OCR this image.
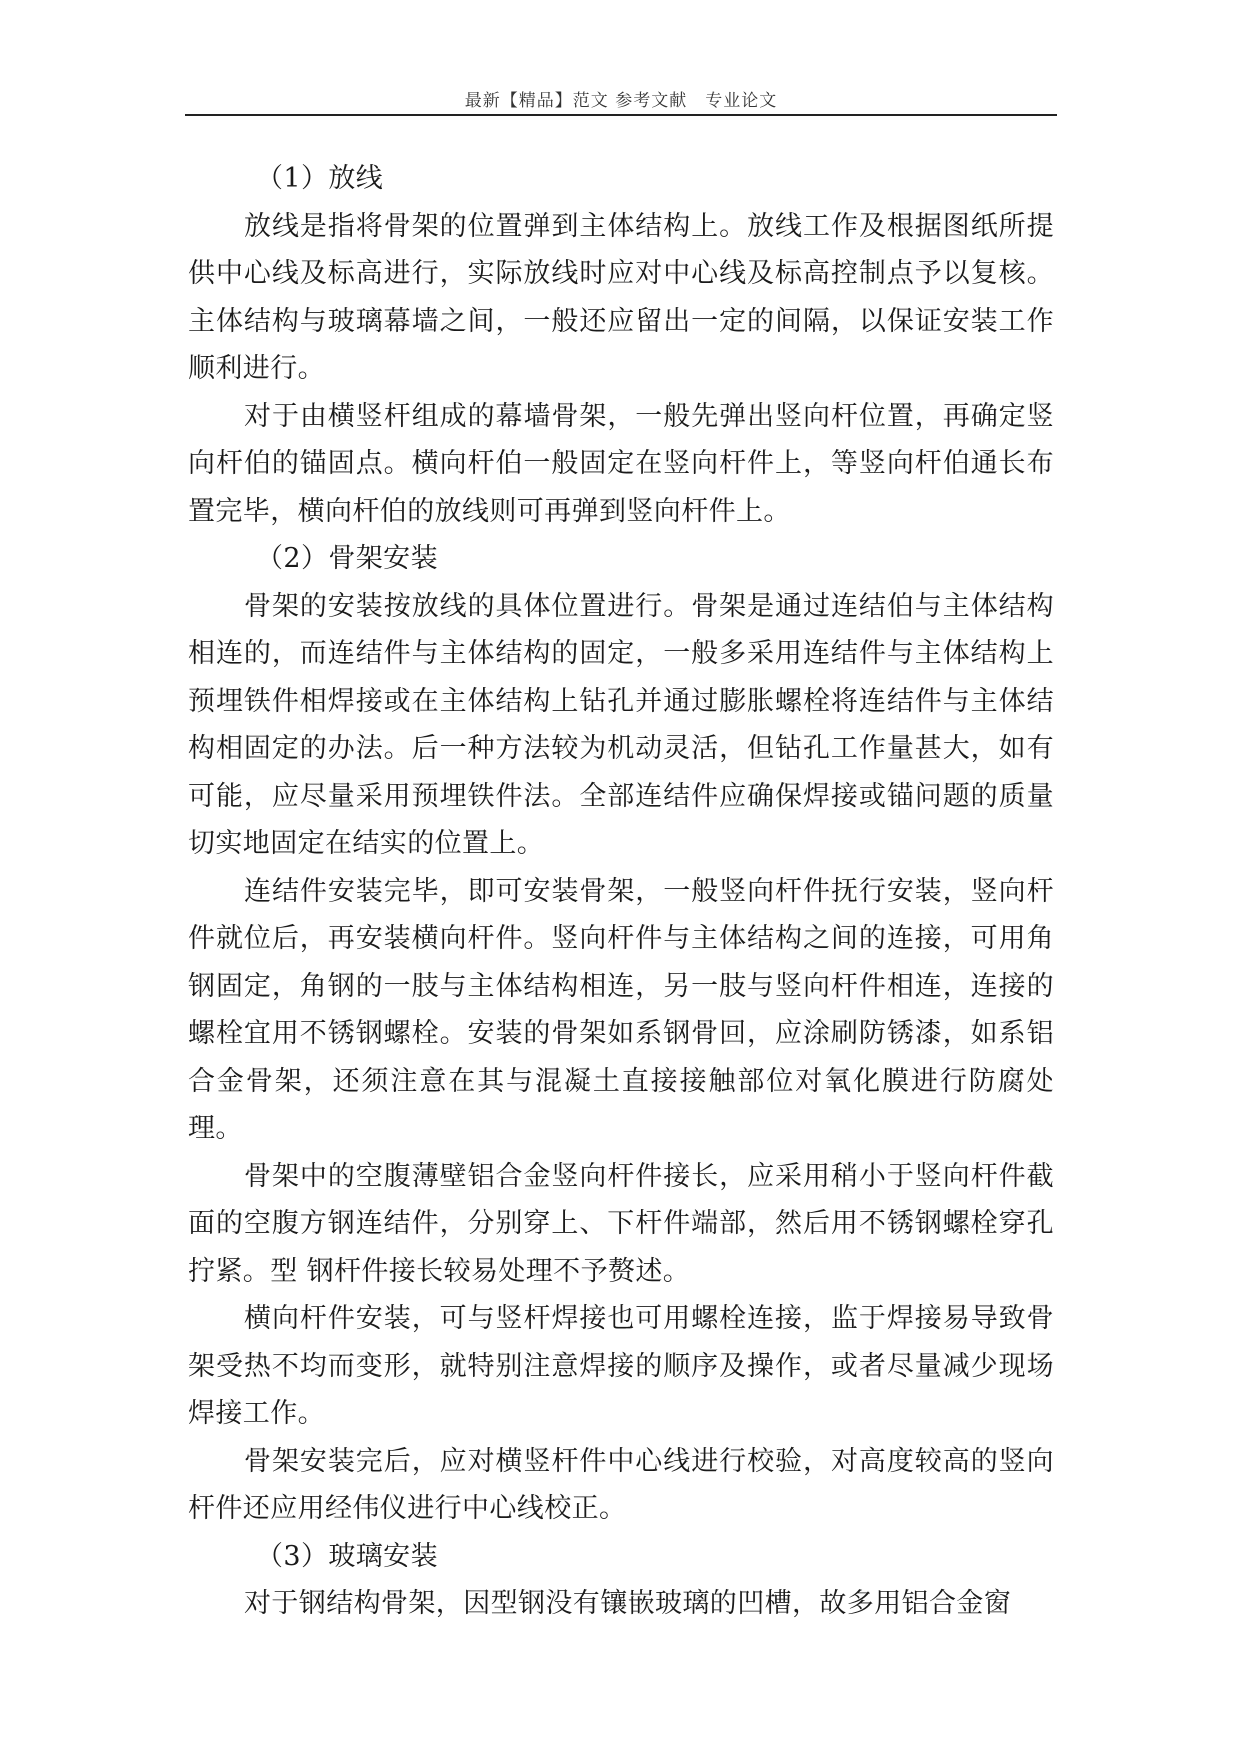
最新【精品】范文 参考文献　专业论文

（1）放线

放线是指将骨架的位置弹到主体结构上。放线工作及根据图纸所提供中心线及标高进行，实际放线时应对中心线及标高控制点予以复核。主体结构与玻璃幕墙之间，一般还应留出一定的间隔，以保证安装工作顺利进行。

对于由横竖杆组成的幕墙骨架，一般先弹出竖向杆位置，再确定竖向杆伯的锚固点。横向杆伯一般固定在竖向杆件上，等竖向杆伯通长布置完毕，横向杆伯的放线则可再弹到竖向杆件上。

（2）骨架安装

骨架的安装按放线的具体位置进行。骨架是通过连结伯与主体结构相连的，而连结件与主体结构的固定，一般多采用连结件与主体结构上预埋铁件相焊接或在主体结构上钻孔并通过膨胀螺栓将连结件与主体结构相固定的办法。后一种方法较为机动灵活，但钻孔工作量甚大，如有可能，应尽量采用预埋铁件法。全部连结件应确保焊接或锚问题的质量切实地固定在结实的位置上。

连结件安装完毕，即可安装骨架，一般竖向杆件抚行安装，竖向杆件就位后，再安装横向杆件。竖向杆件与主体结构之间的连接，可用角钢固定，角钢的一肢与主体结构相连，另一肢与竖向杆件相连，连接的螺栓宜用不锈钢螺栓。安装的骨架如系钢骨回，应涂刷防锈漆，如系铝合金骨架，还须注意在其与混凝土直接接触部位对氧化膜进行防腐处理。

骨架中的空腹薄壁铝合金竖向杆件接长，应采用稍小于竖向杆件截面的空腹方钢连结件，分别穿上、下杆件端部，然后用不锈钢螺栓穿孔拧紧。型 钢杆件接长较易处理不予赘述。

横向杆件安装，可与竖杆焊接也可用螺栓连接，监于焊接易导致骨架受热不均而变形，就特别注意焊接的顺序及操作，或者尽量减少现场焊接工作。

骨架安装完后，应对横竖杆件中心线进行校验，对高度较高的竖向杆件还应用经伟仪进行中心线校正。

（3）玻璃安装

对于钢结构骨架，因型钢没有镶嵌玻璃的凹槽，故多用铝合金窗
